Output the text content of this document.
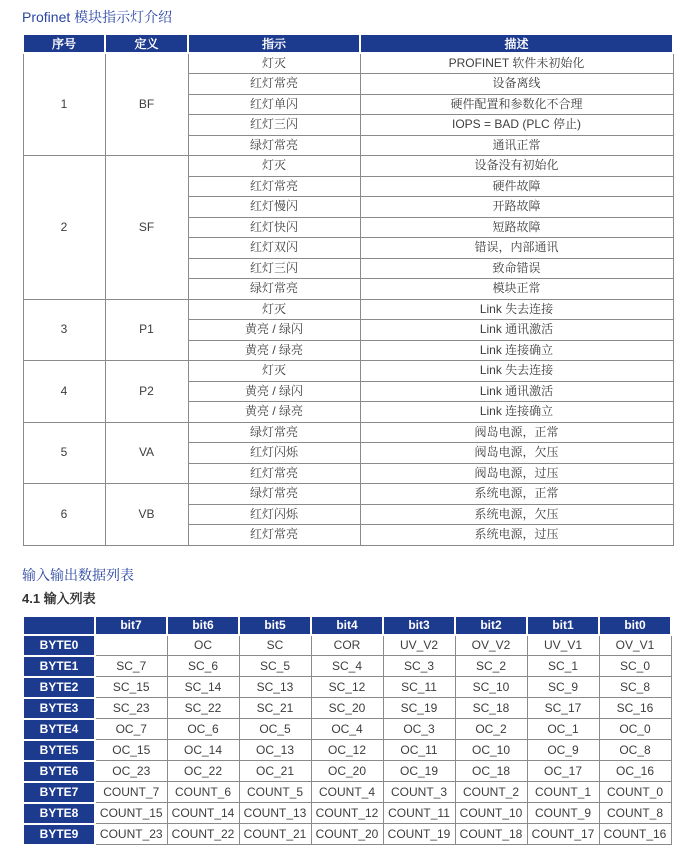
Profinet 模块指示灯介绍
序号	定义	指示	描述
1	BF	灯灭	PROFINET 软件未初始化
		红灯常亮	设备离线
		红灯单闪	硬件配置和参数化不合理
		红灯三闪	IOPS = BAD (PLC 停止)
		绿灯常亮	通讯正常
2	SF	灯灭	设备没有初始化
		红灯常亮	硬件故障
		红灯慢闪	开路故障
		红灯快闪	短路故障
		红灯双闪	错误，内部通讯
		红灯三闪	致命错误
		绿灯常亮	模块正常
3	P1	灯灭	Link 失去连接
		黄亮 / 绿闪	Link 通讯激活
		黄亮 / 绿亮	Link 连接确立
4	P2	灯灭	Link 失去连接
		黄亮 / 绿闪	Link 通讯激活
		黄亮 / 绿亮	Link 连接确立
5	VA	绿灯常亮	阀岛电源，正常
		红灯闪烁	阀岛电源，欠压
		红灯常亮	阀岛电源，过压
6	VB	绿灯常亮	系统电源，正常
		红灯闪烁	系统电源，欠压
		红灯常亮	系统电源，过压
输入输出数据列表
4.1 输入列表
	bit7	bit6	bit5	bit4	bit3	bit2	bit1	bit0
BYTE0		OC	SC	COR	UV_V2	OV_V2	UV_V1	OV_V1
BYTE1	SC_7	SC_6	SC_5	SC_4	SC_3	SC_2	SC_1	SC_0
BYTE2	SC_15	SC_14	SC_13	SC_12	SC_11	SC_10	SC_9	SC_8
BYTE3	SC_23	SC_22	SC_21	SC_20	SC_19	SC_18	SC_17	SC_16
BYTE4	OC_7	OC_6	OC_5	OC_4	OC_3	OC_2	OC_1	OC_0
BYTE5	OC_15	OC_14	OC_13	OC_12	OC_11	OC_10	OC_9	OC_8
BYTE6	OC_23	OC_22	OC_21	OC_20	OC_19	OC_18	OC_17	OC_16
BYTE7	COUNT_7	COUNT_6	COUNT_5	COUNT_4	COUNT_3	COUNT_2	COUNT_1	COUNT_0
BYTE8	COUNT_15	COUNT_14	COUNT_13	COUNT_12	COUNT_11	COUNT_10	COUNT_9	COUNT_8
BYTE9	COUNT_23	COUNT_22	COUNT_21	COUNT_20	COUNT_19	COUNT_18	COUNT_17	COUNT_16
